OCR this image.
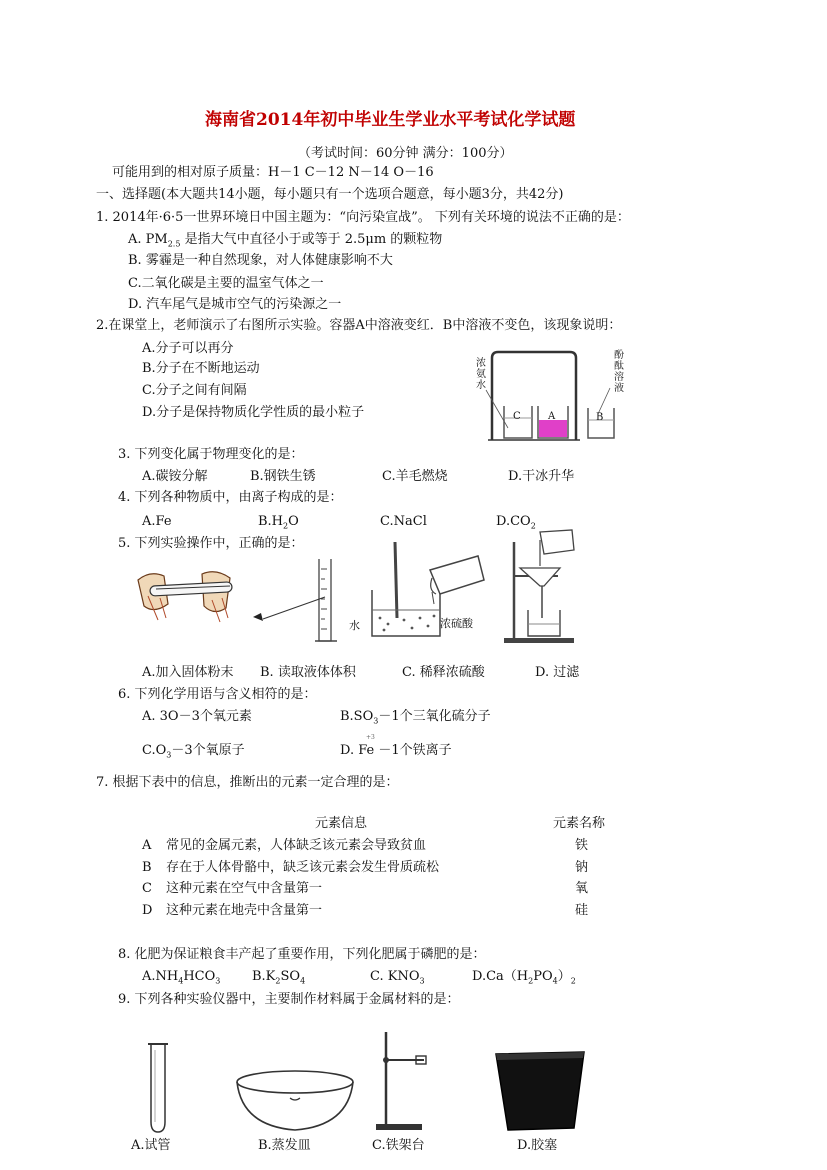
海南省2014年初中毕业生学业水平考试化学试题
（考试时间：60分钟 满分：100分）
可能用到的相对原子质量：H－1 C－12 N－14 O－16
一、选择题(本大题共14小题，每小题只有一个选项合题意，每小题3分，共42分)
1. 2014年·6·5一世界环境日中国主题为：“向污染宣战”。 下列有关环境的说法不正确的是：
A. $PM_{2.5}$ 是指大气中直径小于或等于 2.5μm 的颗粒物
B. 雾霾是一种自然现象，对人体健康影响不大
C.二氧化碳是主要的温室气体之一
D. 汽车尾气是城市空气的污染源之一
2.在课堂上，老师演示了右图所示实验。容器A中溶液变红．B中溶液不变色，该现象说明：
A.分子可以再分
B.分子在不断地运动
C.分子之间有间隔
D.分子是保持物质化学性质的最小粒子
浓
氨
水
酚
酞
溶
液
C	A	B
3. 下列变化属于物理变化的是：
A.碳铵分解	B.钢铁生锈	C.羊毛燃烧	D.干冰升华
4. 下列各种物质中，由离子构成的是：
A.Fe	$B.H_2O$	C.NaCl	$D.CO_2$
5. 下列实验操作中，正确的是：
水	浓硫酸
A.加入固体粉末 B. 读取液体体积	C. 稀释浓硫酸	D. 过滤
6. 下列化学用语与含义相符的是：
A. 3O－3个氧元素	$B.SO_3-1$个三氧化硫分子
$C.O_3-3$个氧原子
+3
D. Fe －1个铁离子
7. 根据下表中的信息，推断出的元素一定合理的是：
元素信息	元素名称
A 常见的金属元素，人体缺乏该元素会导致贫血	铁
B 存在于人体骨骼中，缺乏该元素会发生骨质疏松	钠
C 这种元素在空气中含量第一	氧
D 这种元素在地壳中含量第一	硅
8. 化肥为保证粮食丰产起了重要作用，下列化肥属于磷肥的是：
$A.NH_4HCO_3$ $B.K_2SO_4$	C. $KNO_3$	$D.Ca(H_2PO_4)_2$
9. 下列各种实验仪器中，主要制作材料属于金属材料的是：
A.试管	B.蒸发皿	C.铁架台	D.胶塞
